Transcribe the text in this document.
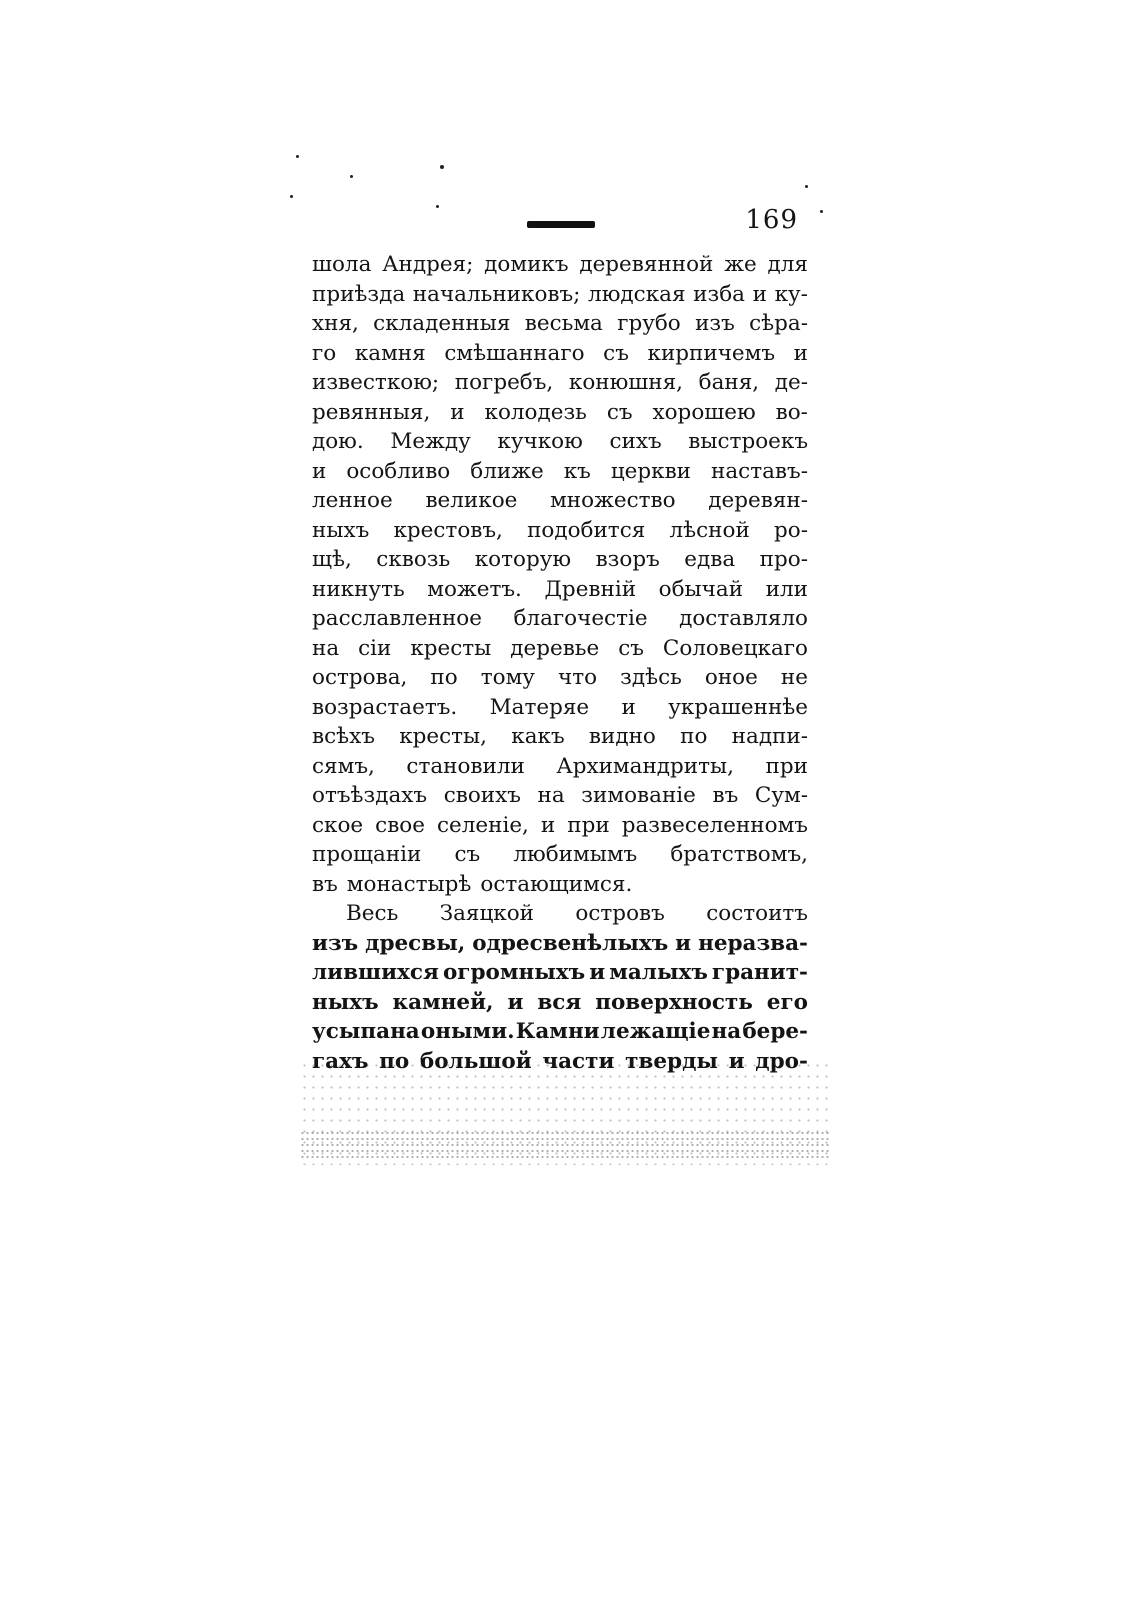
169
шола Андрея; домикъ деревянной же для
приѣзда начальниковъ; людская изба и ку-
хня, складенныя весьма грубо изъ сѣра-
го камня смѣшаннаго съ кирпичемъ и
известкою; погребъ, конюшня, баня, де-
ревянныя, и колодезь съ хорошею во-
дою. Между кучкою сихъ выстроекъ
и особливо ближе къ церкви наставъ-
ленное великое множество деревян-
ныхъ крестовъ, подобится лѣсной ро-
щѣ, сквозь которую взоръ едва про-
никнуть можетъ. Древній обычай или
расславленное благочестіе доставляло
на сіи кресты деревье съ Соловецкаго
острова, по тому что здѣсь оное не
возрастаетъ. Матеряе и украшеннѣе
всѣхъ кресты, какъ видно по надпи-
сямъ, становили Архимандриты, при
отъѣздахъ своихъ на зимованіе въ Сум-
ское свое селеніе, и при развеселенномъ
прощаніи съ любимымъ братствомъ,
въ монастырѣ остающимся.
Весь Заяцкой островъ состоитъ
изъ дресвы, одресвенѣлыхъ и неразва-
лившихся огромныхъ и малыхъ гранит-
ныхъ камней, и вся поверхность его
усыпана оными. Камни лежащіе на бере-
гахъ по большой части тверды и дро-
